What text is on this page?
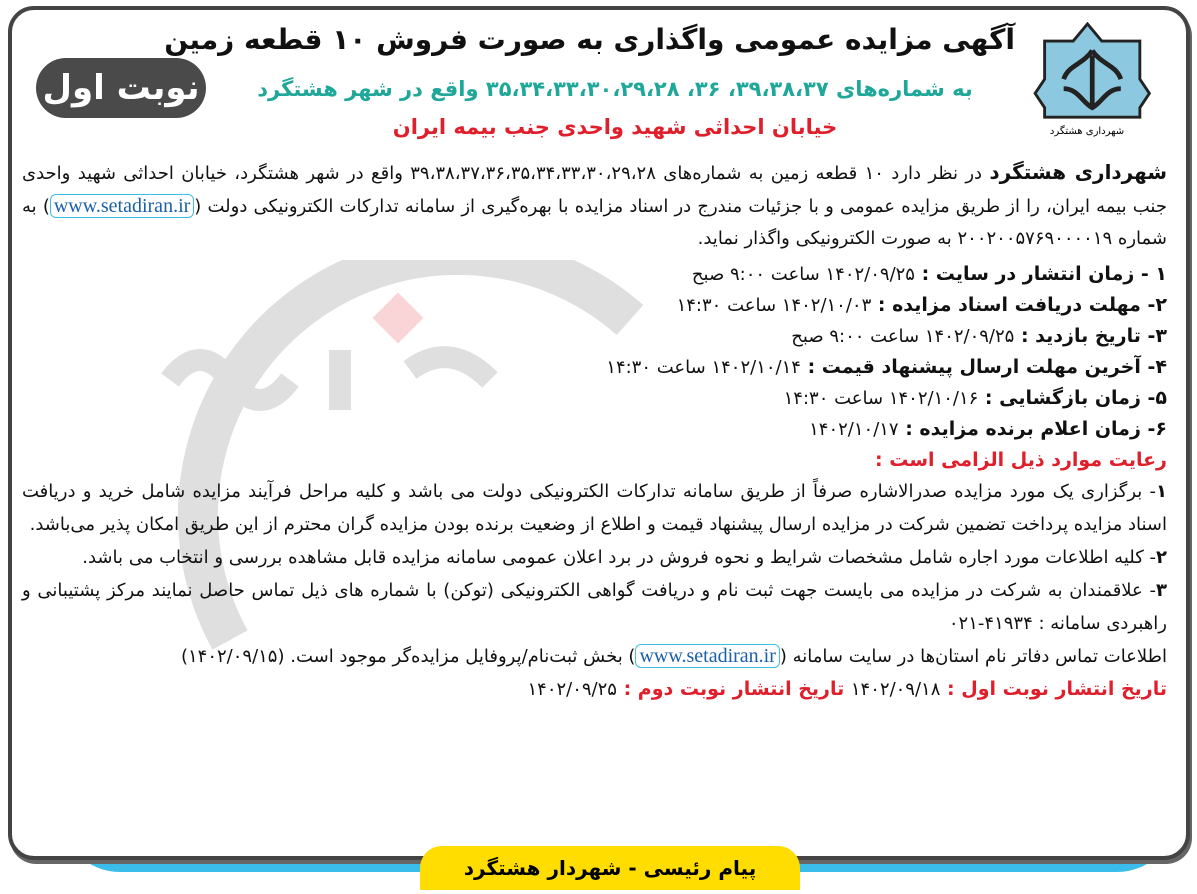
نوبت اول
شهرداری هشتگرد
آگهی مزایده عمومی واگذاری به صورت فروش ۱۰ قطعه زمین
به شماره‌های ۳۹،۳۸،۳۷، ۳۶، ۳۵،۳۴،۳۳،۳۰،۲۹،۲۸ واقع در شهر هشتگرد
خیابان احداثی شهید واحدی جنب بیمه ایران

شهرداری هشتگرد در نظر دارد ۱۰ قطعه زمین به شماره‌های ۳۹،۳۸،۳۷،۳۶،۳۵،۳۴،۳۳،۳۰،۲۹،۲۸ واقع در شهر هشتگرد، خیابان احداثی شهید واحدی جنب بیمه ایران، را از طریق مزایده عمومی و با جزئیات مندرج در اسناد مزایده با بهره‌گیری از سامانه تدارکات الکترونیکی دولت (www.setadiran.ir) به شماره ۲۰۰۲۰۰۵۷۶۹۰۰۰۰۱۹ به صورت الکترونیکی واگذار نماید.

۱ - زمان انتشار در سایت : ۱۴۰۲/۰۹/۲۵ ساعت ۹:۰۰ صبح
۲- مهلت دریافت اسناد مزایده : ۱۴۰۲/۱۰/۰۳ ساعت ۱۴:۳۰
۳- تاریخ بازدید : ۱۴۰۲/۰۹/۲۵ ساعت ۹:۰۰ صبح
۴- آخرین مهلت ارسال پیشنهاد قیمت : ۱۴۰۲/۱۰/۱۴ ساعت ۱۴:۳۰
۵- زمان بازگشایی : ۱۴۰۲/۱۰/۱۶ ساعت ۱۴:۳۰
۶- زمان اعلام برنده مزایده : ۱۴۰۲/۱۰/۱۷
رعایت موارد ذیل الزامی است :

۱- برگزاری یک مورد مزایده صدرالاشاره صرفاً از طریق سامانه تدارکات الکترونیکی دولت می باشد و کلیه مراحل فرآیند مزایده شامل خرید و دریافت اسناد مزایده پرداخت تضمین شرکت در مزایده ارسال پیشنهاد قیمت و اطلاع از وضعیت برنده بودن مزایده گران محترم از این طریق امکان پذیر می‌باشد.

۲- کلیه اطلاعات مورد اجاره شامل مشخصات شرایط و نحوه فروش در برد اعلان عمومی سامانه مزایده قابل مشاهده بررسی و انتخاب می باشد.

۳- علاقمندان به شرکت در مزایده می بایست جهت ثبت نام و دریافت گواهی الکترونیکی (توکن) با شماره های ذیل تماس حاصل نمایند مرکز پشتیبانی و راهبردی سامانه : ۴۱۹۳۴-۰۲۱

اطلاعات تماس دفاتر نام استان‌ها در سایت سامانه (www.setadiran.ir) بخش ثبت‌نام/پروفایل مزایده‌گر موجود است. (۱۴۰۲/۰۹/۱۵)

تاریخ انتشار نوبت اول : ۱۴۰۲/۰۹/۱۸ تاریخ انتشار نوبت دوم : ۱۴۰۲/۰۹/۲۵

پیام رئیسی - شهردار هشتگرد
